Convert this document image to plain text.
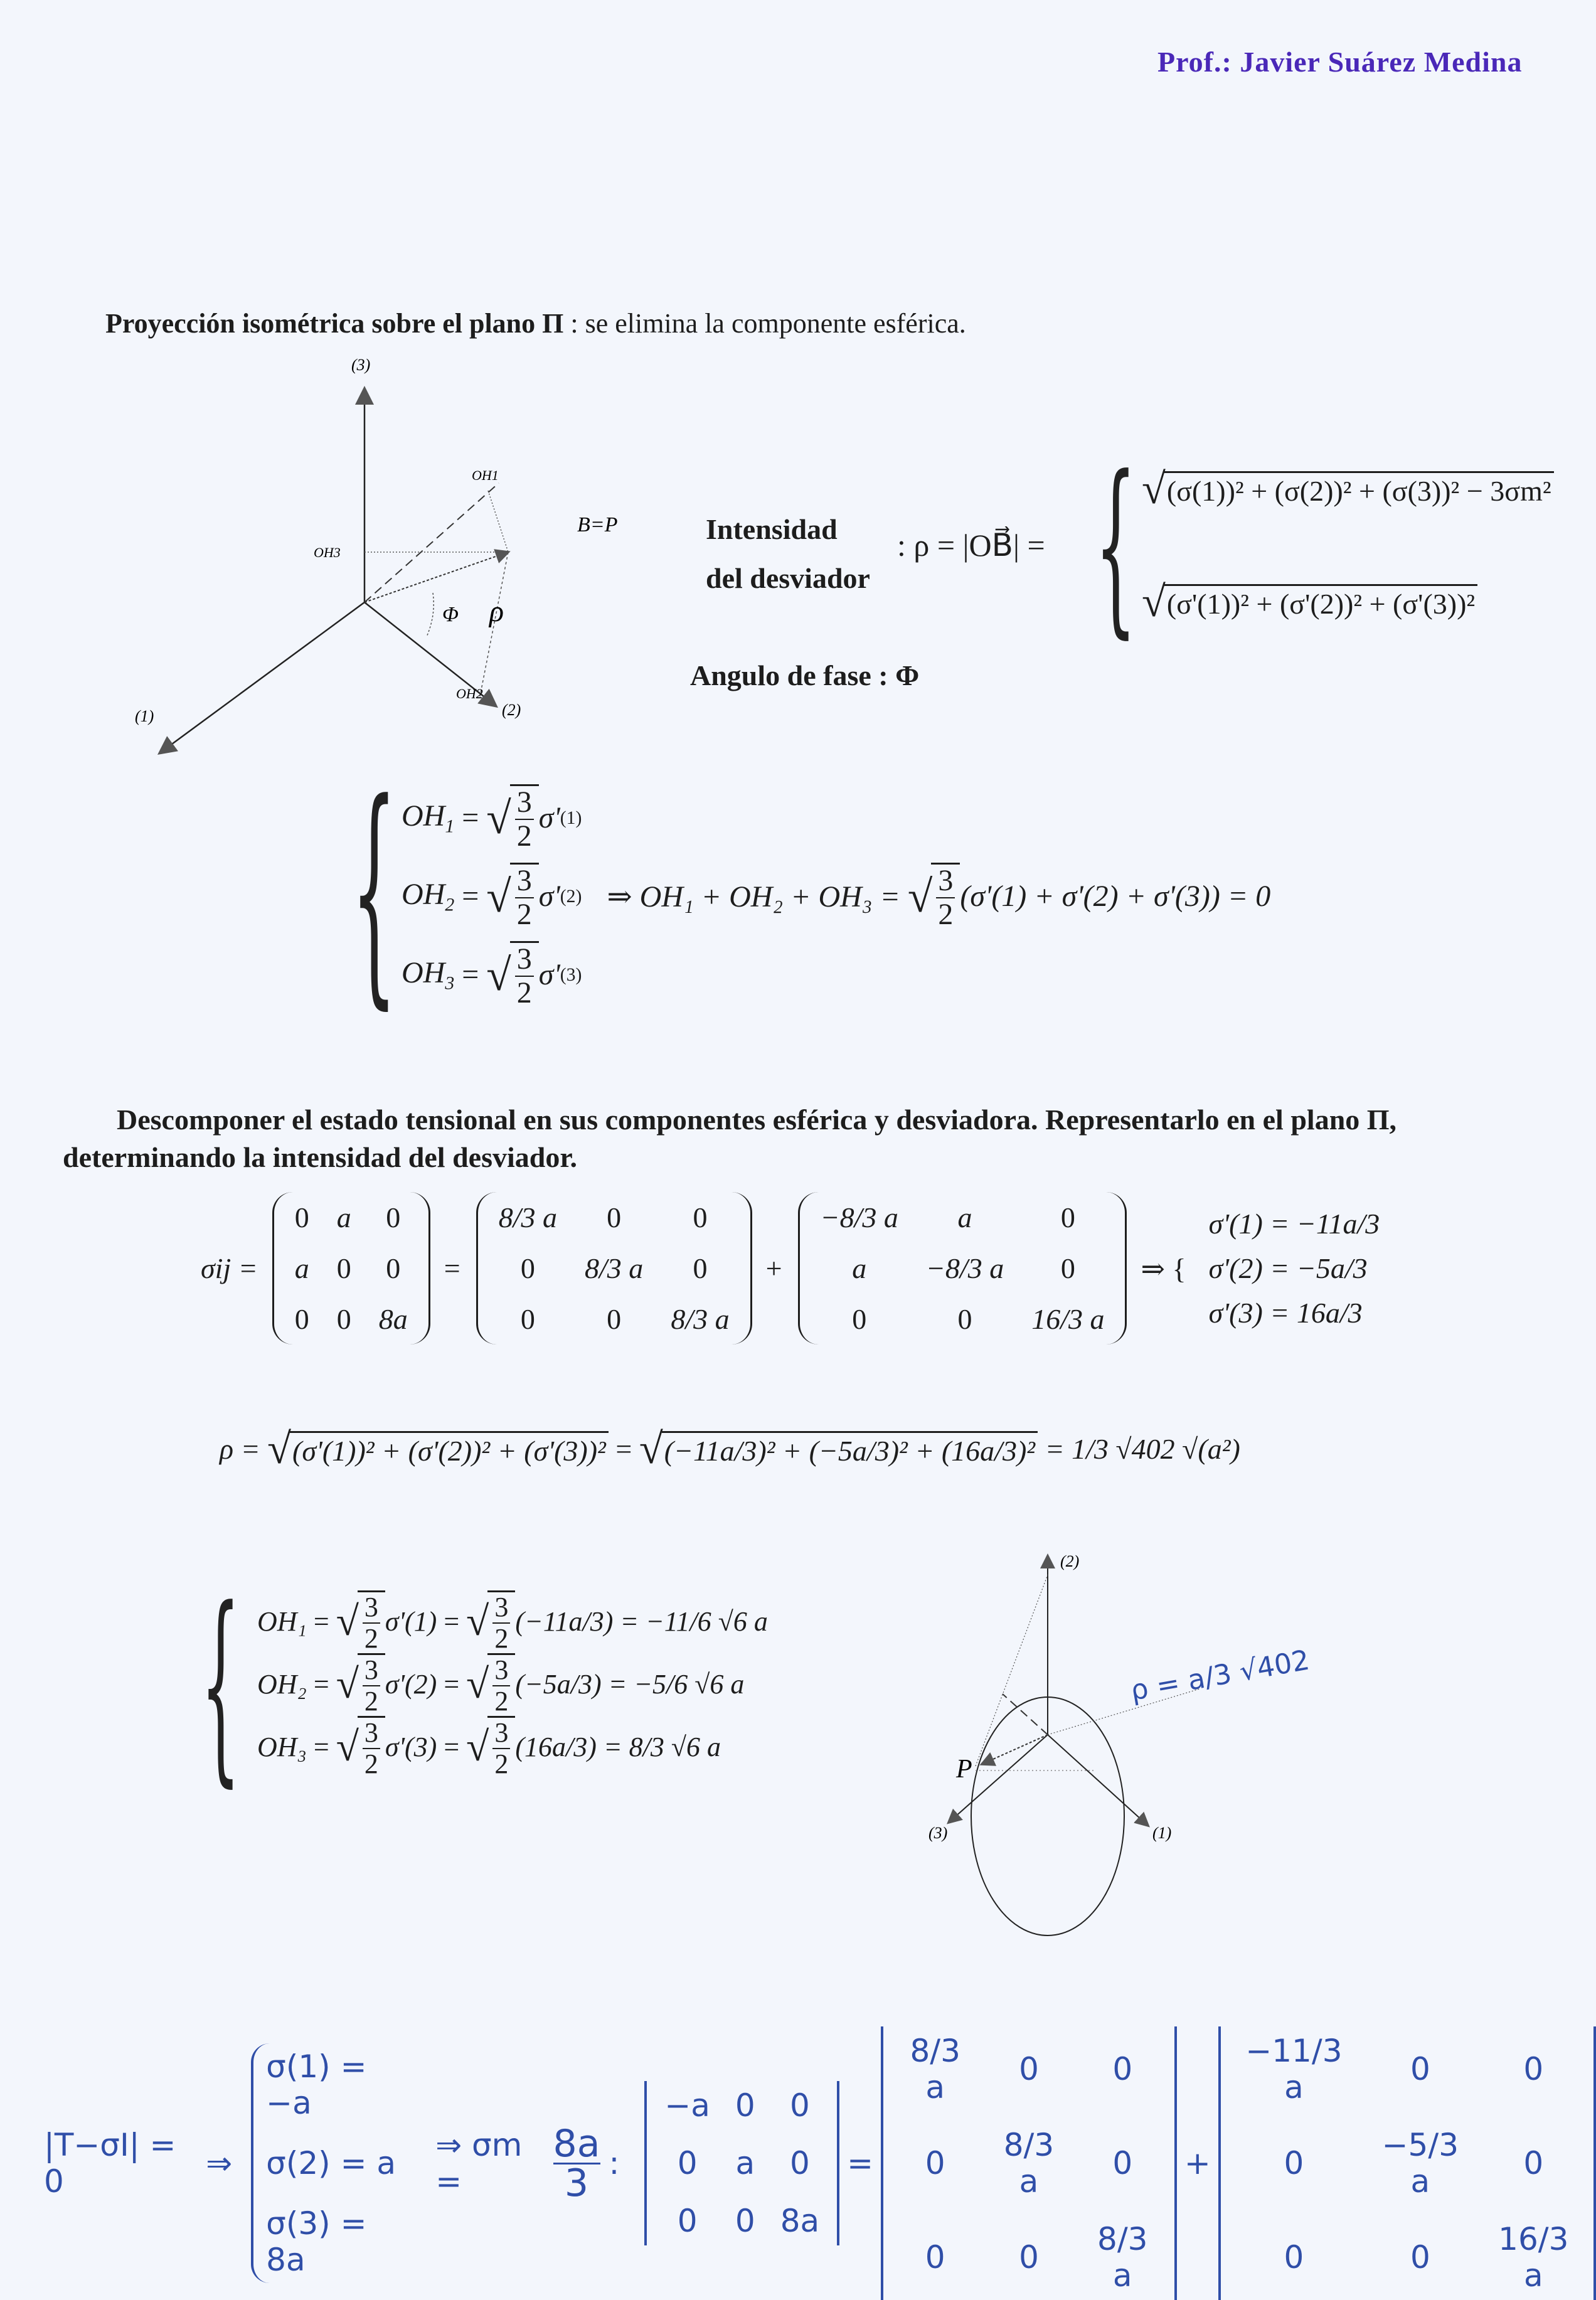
Prof.: Javier Suárez Medina
Proyección isométrica sobre el plano Π : se elimina la componente esférica.
(3)
(1)	(2)
OH1
OH3
OH2
B=P
Φ ρ
Intensidad
del desviador
: ρ = |OB⃗| = { √ (σ(1))² + (σ(2))² + (σ(3))² − 3σm²
√ (σ'(1))² + (σ'(2))² + (σ'(3))²
Angulo de fase : Φ
{ $OH_1$ = √ $\frac{3}{2} \sigma'$ (1)
$OH_2$ = √ $\frac{3}{2} \sigma'$ (2) ⇒ OH₁ + OH₂ + OH₃ =
√ $\frac{3}{2} (\sigma'(1) + \sigma'(2) + \sigma'(3)) = 0$
$OH_3$ = √ $\frac{3}{2} \sigma'$ (3)
Descomponer el estado tensional en sus componentes esférica y desviadora. Representarlo en el plano Π, determinando la intensidad del desviador.
σij =
0 a 0
a 0 0
0 0 8a
=
8/3 a	0	0
0	8/3 a	0
0	0	8/3 a
+
−8/3 a	a	0
a	−8/3 a	0
0	0	16/3 a
⇒ {
σ'(1) = −11a/3
σ'(2) = −5a/3
σ'(3) = 16a/3
ρ =
√ (σ'(1))² + (σ'(2))² + (σ'(3))² = √ (−11a/3)² + (−5a/3)² + (16a/3)²
= 1/3 √402 √(a²)
{ OH₁ = √ $\frac{3}{2} \sigma'(1)$ = √ $\frac{3}{2} (-11a/3)$
= −11/6 √6 a
OH₂ = √ $\frac{3}{2} \sigma'(2)$ = √ $\frac{3}{2} (-5a/3)$
= −5/6 √6 a
OH₃ = √ $\frac{3}{2} \sigma'(3)$ = √ $\frac{3}{2} (16a/3)$
= 8/3 √6 a
(2)
(1)
(3)
P
ρ = a/3 √402
|T−σI| = 0	⇒
σ(1) = −a
σ(2) = a
σ(3) = 8a
⇒ σm =	$\frac{8a}{3}$ :
−a 0	0
0	a	0
0	0 8a
=
8/3 a	0	0
0	8/3 a	0
0	0	8/3 a
+
−11/3 a	0	0
0	−5/3 a	0
0	0	16/3 a
